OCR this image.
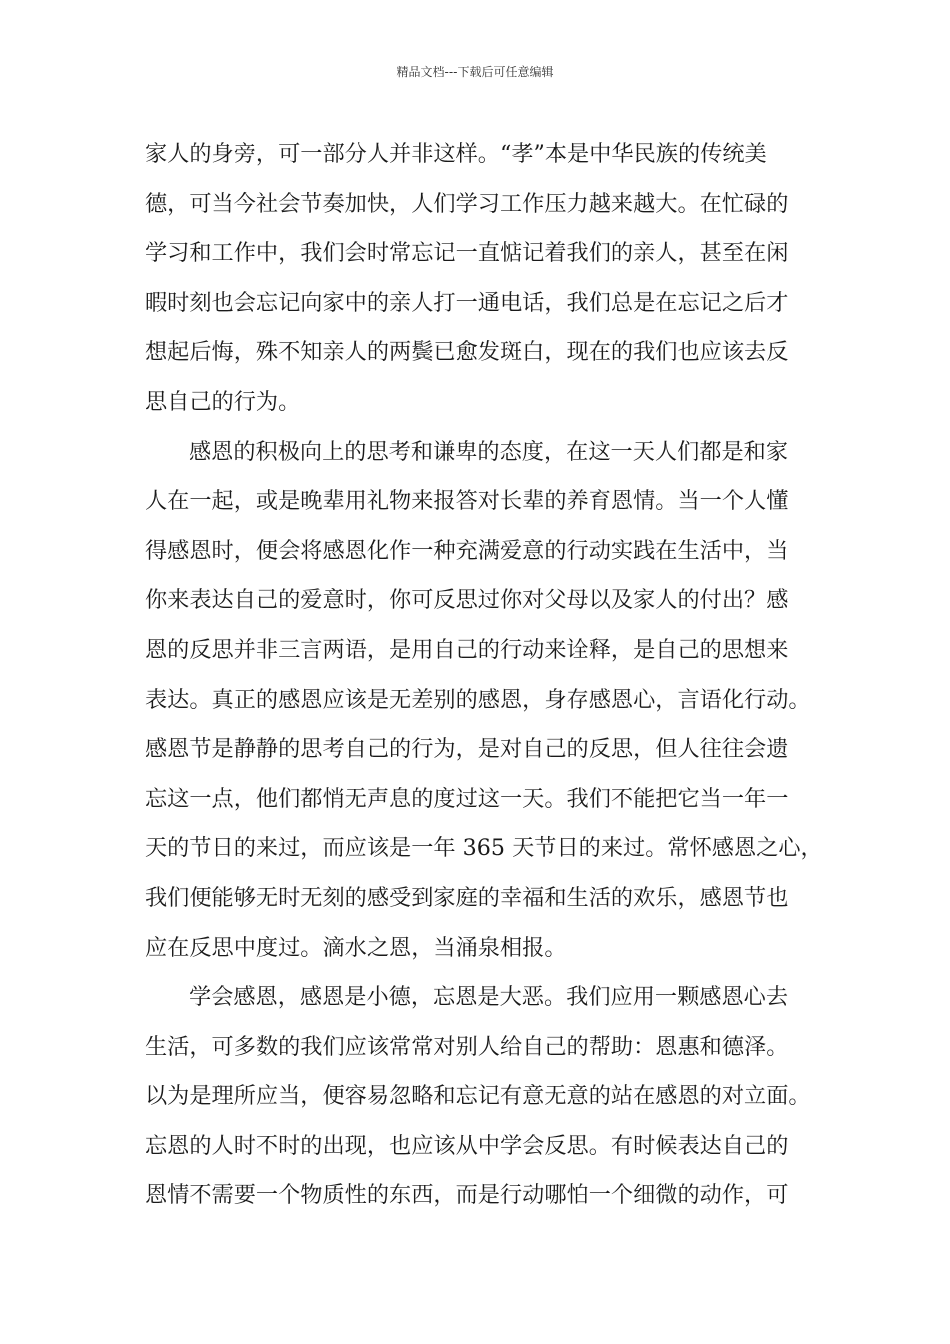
精品文档---下载后可任意编辑
家人的身旁，可一部分人并非这样。“孝”本是中华民族的传统美
德，可当今社会节奏加快，人们学习工作压力越来越大。在忙碌的
学习和工作中，我们会时常忘记一直惦记着我们的亲人，甚至在闲
暇时刻也会忘记向家中的亲人打一通电话，我们总是在忘记之后才
想起后悔，殊不知亲人的两鬓已愈发斑白，现在的我们也应该去反
思自己的行为。
感恩的积极向上的思考和谦卑的态度，在这一天人们都是和家
人在一起，或是晚辈用礼物来报答对长辈的养育恩情。当一个人懂
得感恩时，便会将感恩化作一种充满爱意的行动实践在生活中，当
你来表达自己的爱意时，你可反思过你对父母以及家人的付出？感
恩的反思并非三言两语，是用自己的行动来诠释，是自己的思想来
表达。真正的感恩应该是无差别的感恩，身存感恩心，言语化行动。
感恩节是静静的思考自己的行为，是对自己的反思，但人往往会遗
忘这一点，他们都悄无声息的度过这一天。我们不能把它当一年一
天的节日的来过，而应该是一年 365 天节日的来过。常怀感恩之心，
我们便能够无时无刻的感受到家庭的幸福和生活的欢乐，感恩节也
应在反思中度过。滴水之恩，当涌泉相报。
学会感恩，感恩是小德，忘恩是大恶。我们应用一颗感恩心去
生活，可多数的我们应该常常对别人给自己的帮助：恩惠和德泽。
以为是理所应当，便容易忽略和忘记有意无意的站在感恩的对立面。
忘恩的人时不时的出现，也应该从中学会反思。有时候表达自己的
恩情不需要一个物质性的东西，而是行动哪怕一个细微的动作，可
